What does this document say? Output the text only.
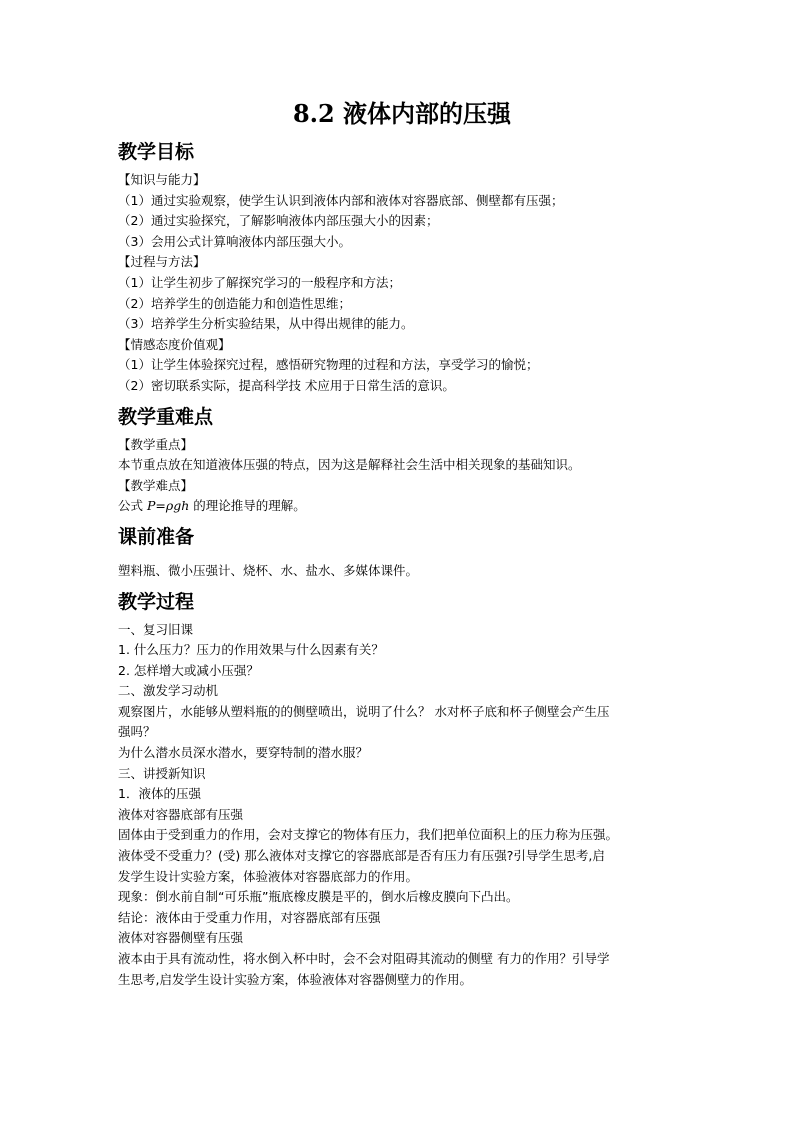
8.2 液体内部的压强
教学目标
【知识与能力】
（1）通过实验观察，使学生认识到液体内部和液体对容器底部、侧壁都有压强；
（2）通过实验探究，了解影响液体内部压强大小的因素；
（3）会用公式计算响液体内部压强大小。
【过程与方法】
（1）让学生初步了解探究学习的一般程序和方法；
（2）培养学生的创造能力和创造性思维；
（3）培养学生分析实验结果，从中得出规律的能力。
【情感态度价值观】
（1）让学生体验探究过程，感悟研究物理的过程和方法，享受学习的愉悦；
（2）密切联系实际，提高科学技 术应用于日常生活的意识。
教学重难点
【教学重点】
本节重点放在知道液体压强的特点，因为这是解释社会生活中相关现象的基础知识。
【教学难点】
公式 P=ρgh 的理论推导的理解。
课前准备
塑料瓶、微小压强计、烧杯、水、盐水、多媒体课件。
教学过程
一、复习旧课
1. 什么压力？压力的作用效果与什么因素有关？
2. 怎样增大或减小压强？
二、激发学习动机
观察图片，水能够从塑料瓶的的侧壁喷出，说明了什么？ 水对杯子底和杯子侧壁会产生压
强吗？
为什么潜水员深水潜水，要穿特制的潜水服？
三、讲授新知识
1．液体的压强
液体对容器底部有压强
固体由于受到重力的作用，会对支撑它的物体有压力，我们把单位面积上的压力称为压强。
液体受不受重力？(受) 那么液体对支撑它的容器底部是否有压力有压强?引导学生思考,启
发学生设计实验方案，体验液体对容器底部力的作用。
现象：倒水前自制“可乐瓶”瓶底橡皮膜是平的，倒水后橡皮膜向下凸出。
结论：液体由于受重力作用，对容器底部有压强
液体对容器侧壁有压强
液本由于具有流动性，将水倒入杯中时，会不会对阻碍其流动的侧壁 有力的作用？引导学
生思考,启发学生设计实验方案，体验液体对容器侧壁力的作用。
